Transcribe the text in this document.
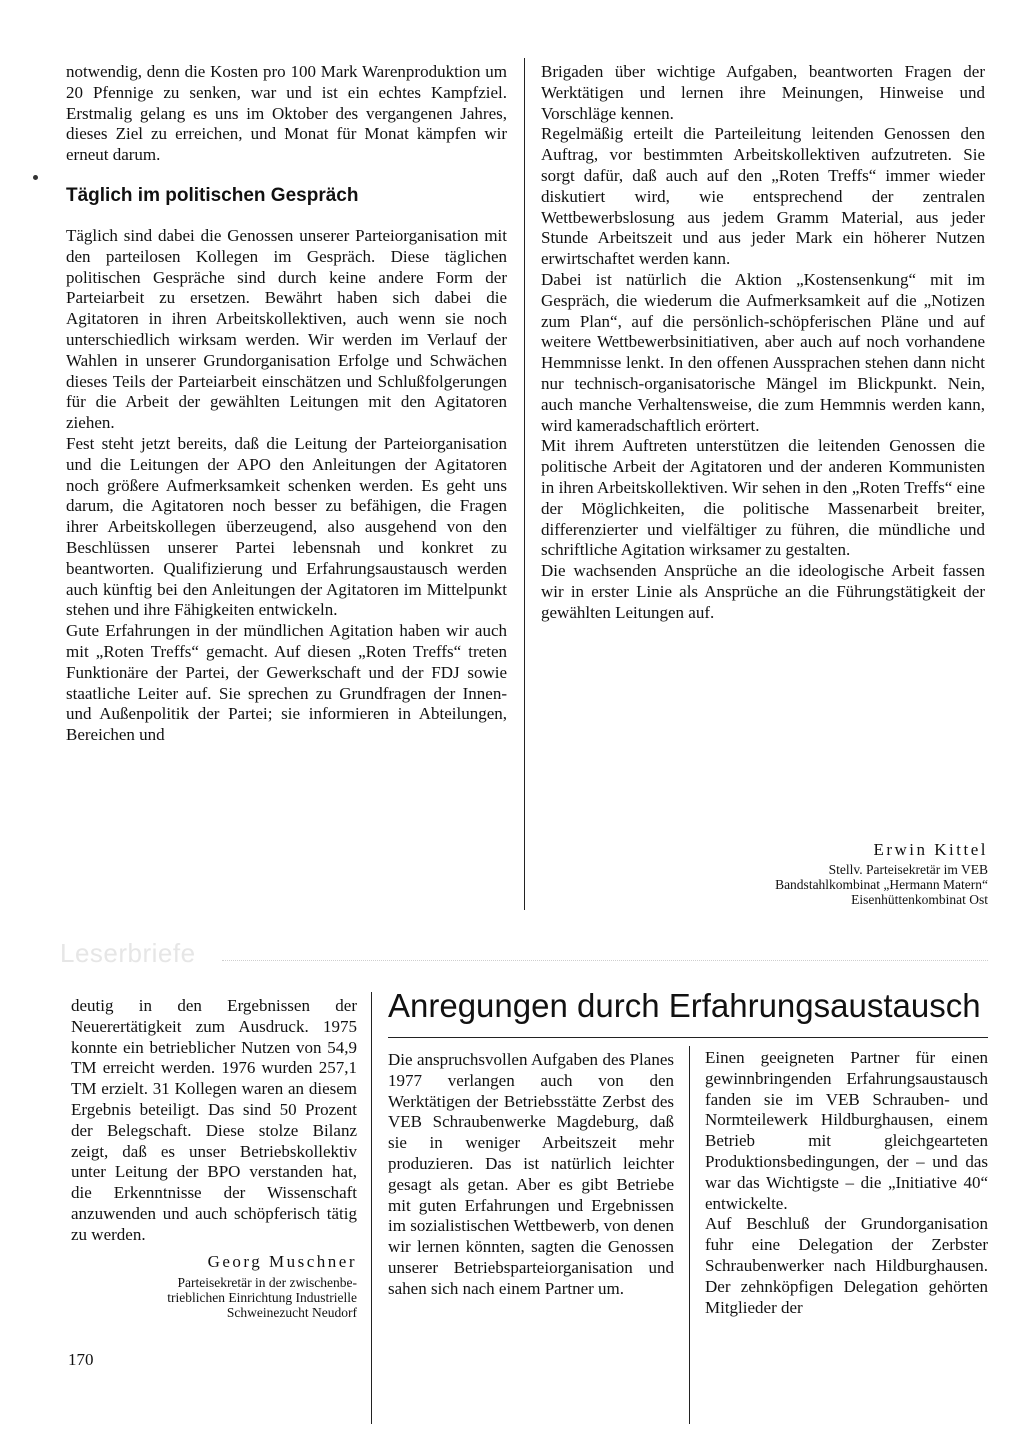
notwendig, denn die Kosten pro 100 Mark Warenproduktion um 20 Pfennige zu senken, war und ist ein echtes Kampfziel. Erstmalig gelang es uns im Oktober des vergangenen Jahres, dieses Ziel zu erreichen, und Monat für Monat kämpfen wir erneut darum.

Täglich im politischen Gespräch

Täglich sind dabei die Genossen unserer Parteiorganisation mit den parteilosen Kollegen im Gespräch. Diese täglichen politischen Gespräche sind durch keine andere Form der Parteiarbeit zu ersetzen. Bewährt haben sich dabei die Agitatoren in ihren Arbeitskollektiven, auch wenn sie noch unterschiedlich wirksam werden. Wir werden im Verlauf der Wahlen in unserer Grundorganisation Erfolge und Schwächen dieses Teils der Parteiarbeit einschätzen und Schlußfolgerungen für die Arbeit der gewählten Leitungen mit den Agitatoren ziehen.

Fest steht jetzt bereits, daß die Leitung der Parteiorganisation und die Leitungen der APO den Anleitungen der Agitatoren noch größere Aufmerksamkeit schenken werden. Es geht uns darum, die Agitatoren noch besser zu befähigen, die Fragen ihrer Arbeitskollegen überzeugend, also ausgehend von den Beschlüssen unserer Partei lebensnah und konkret zu beantworten. Qualifizierung und Erfahrungsaustausch werden auch künftig bei den Anleitungen der Agitatoren im Mittelpunkt stehen und ihre Fähigkeiten entwickeln.

Gute Erfahrungen in der mündlichen Agitation haben wir auch mit „Roten Treffs“ gemacht. Auf diesen „Roten Treffs“ treten Funktionäre der Partei, der Gewerkschaft und der FDJ sowie staatliche Leiter auf. Sie sprechen zu Grundfragen der Innen- und Außenpolitik der Partei; sie informieren in Abteilungen, Bereichen und

Brigaden über wichtige Aufgaben, beantworten Fragen der Werktätigen und lernen ihre Meinungen, Hinweise und Vorschläge kennen.

Regelmäßig erteilt die Parteileitung leitenden Genossen den Auftrag, vor bestimmten Arbeitskollektiven aufzutreten. Sie sorgt dafür, daß auch auf den „Roten Treffs“ immer wieder diskutiert wird, wie entsprechend der zentralen Wettbewerbslosung aus jedem Gramm Material, aus jeder Stunde Arbeitszeit und aus jeder Mark ein höherer Nutzen erwirtschaftet werden kann.

Dabei ist natürlich die Aktion „Kostensenkung“ mit im Gespräch, die wiederum die Aufmerksamkeit auf die „Notizen zum Plan“, auf die persönlich-schöpferischen Pläne und auf weitere Wettbewerbsinitiativen, aber auch auf noch vorhandene Hemmnisse lenkt. In den offenen Aussprachen stehen dann nicht nur technisch-organisatorische Mängel im Blickpunkt. Nein, auch manche Verhaltensweise, die zum Hemmnis werden kann, wird kameradschaftlich erörtert.

Mit ihrem Auftreten unterstützen die leitenden Genossen die politische Arbeit der Agitatoren und der anderen Kommunisten in ihren Arbeitskollektiven. Wir sehen in den „Roten Treffs“ eine der Möglichkeiten, die politische Massenarbeit breiter, differenzierter und vielfältiger zu führen, die mündliche und schriftliche Agitation wirksamer zu gestalten.

Die wachsenden Ansprüche an die ideologische Arbeit fassen wir in erster Linie als Ansprüche an die Führungstätigkeit der gewählten Leitungen auf.

Erwin Kittel
Stellv. Parteisekretär im VEB
Bandstahlkombinat „Hermann Matern“
Eisenhüttenkombinat Ost
Leserbriefe

deutig in den Ergebnissen der Neuerertätigkeit zum Ausdruck. 1975 konnte ein betrieblicher Nutzen von 54,9 TM erreicht werden. 1976 wurden 257,1 TM erzielt. 31 Kollegen waren an diesem Ergebnis beteiligt. Das sind 50 Prozent der Belegschaft. Diese stolze Bilanz zeigt, daß es unser Betriebskollektiv unter Leitung der BPO verstanden hat, die Erkenntnisse der Wissenschaft anzuwenden und auch schöpferisch tätig zu werden.

Georg Muschner
Parteisekretär in der zwischenbe-
trieblichen Einrichtung Industrielle
Schweinezucht Neudorf
Anregungen durch Erfahrungsaustausch

Die anspruchsvollen Aufgaben des Planes 1977 verlangen auch von den Werktätigen der Betriebsstätte Zerbst des VEB Schraubenwerke Magdeburg, daß sie in weniger Arbeitszeit mehr produzieren. Das ist natürlich leichter gesagt als getan. Aber es gibt Betriebe mit guten Erfahrungen und Ergebnissen im sozialistischen Wettbewerb, von denen wir lernen könnten, sagten die Genossen unserer Betriebsparteiorganisation und sahen sich nach einem Partner um.

Einen geeigneten Partner für einen gewinnbringenden Erfahrungsaustausch fanden sie im VEB Schrauben- und Normteilewerk Hildburghausen, einem Betrieb mit gleichgearteten Produktionsbedingungen, der – und das war das Wichtigste – die „Initiative 40“ entwickelte.

Auf Beschluß der Grundorganisation fuhr eine Delegation der Zerbster Schraubenwerker nach Hildburghausen. Der zehnköpfigen Delegation gehörten Mitglieder der

170
